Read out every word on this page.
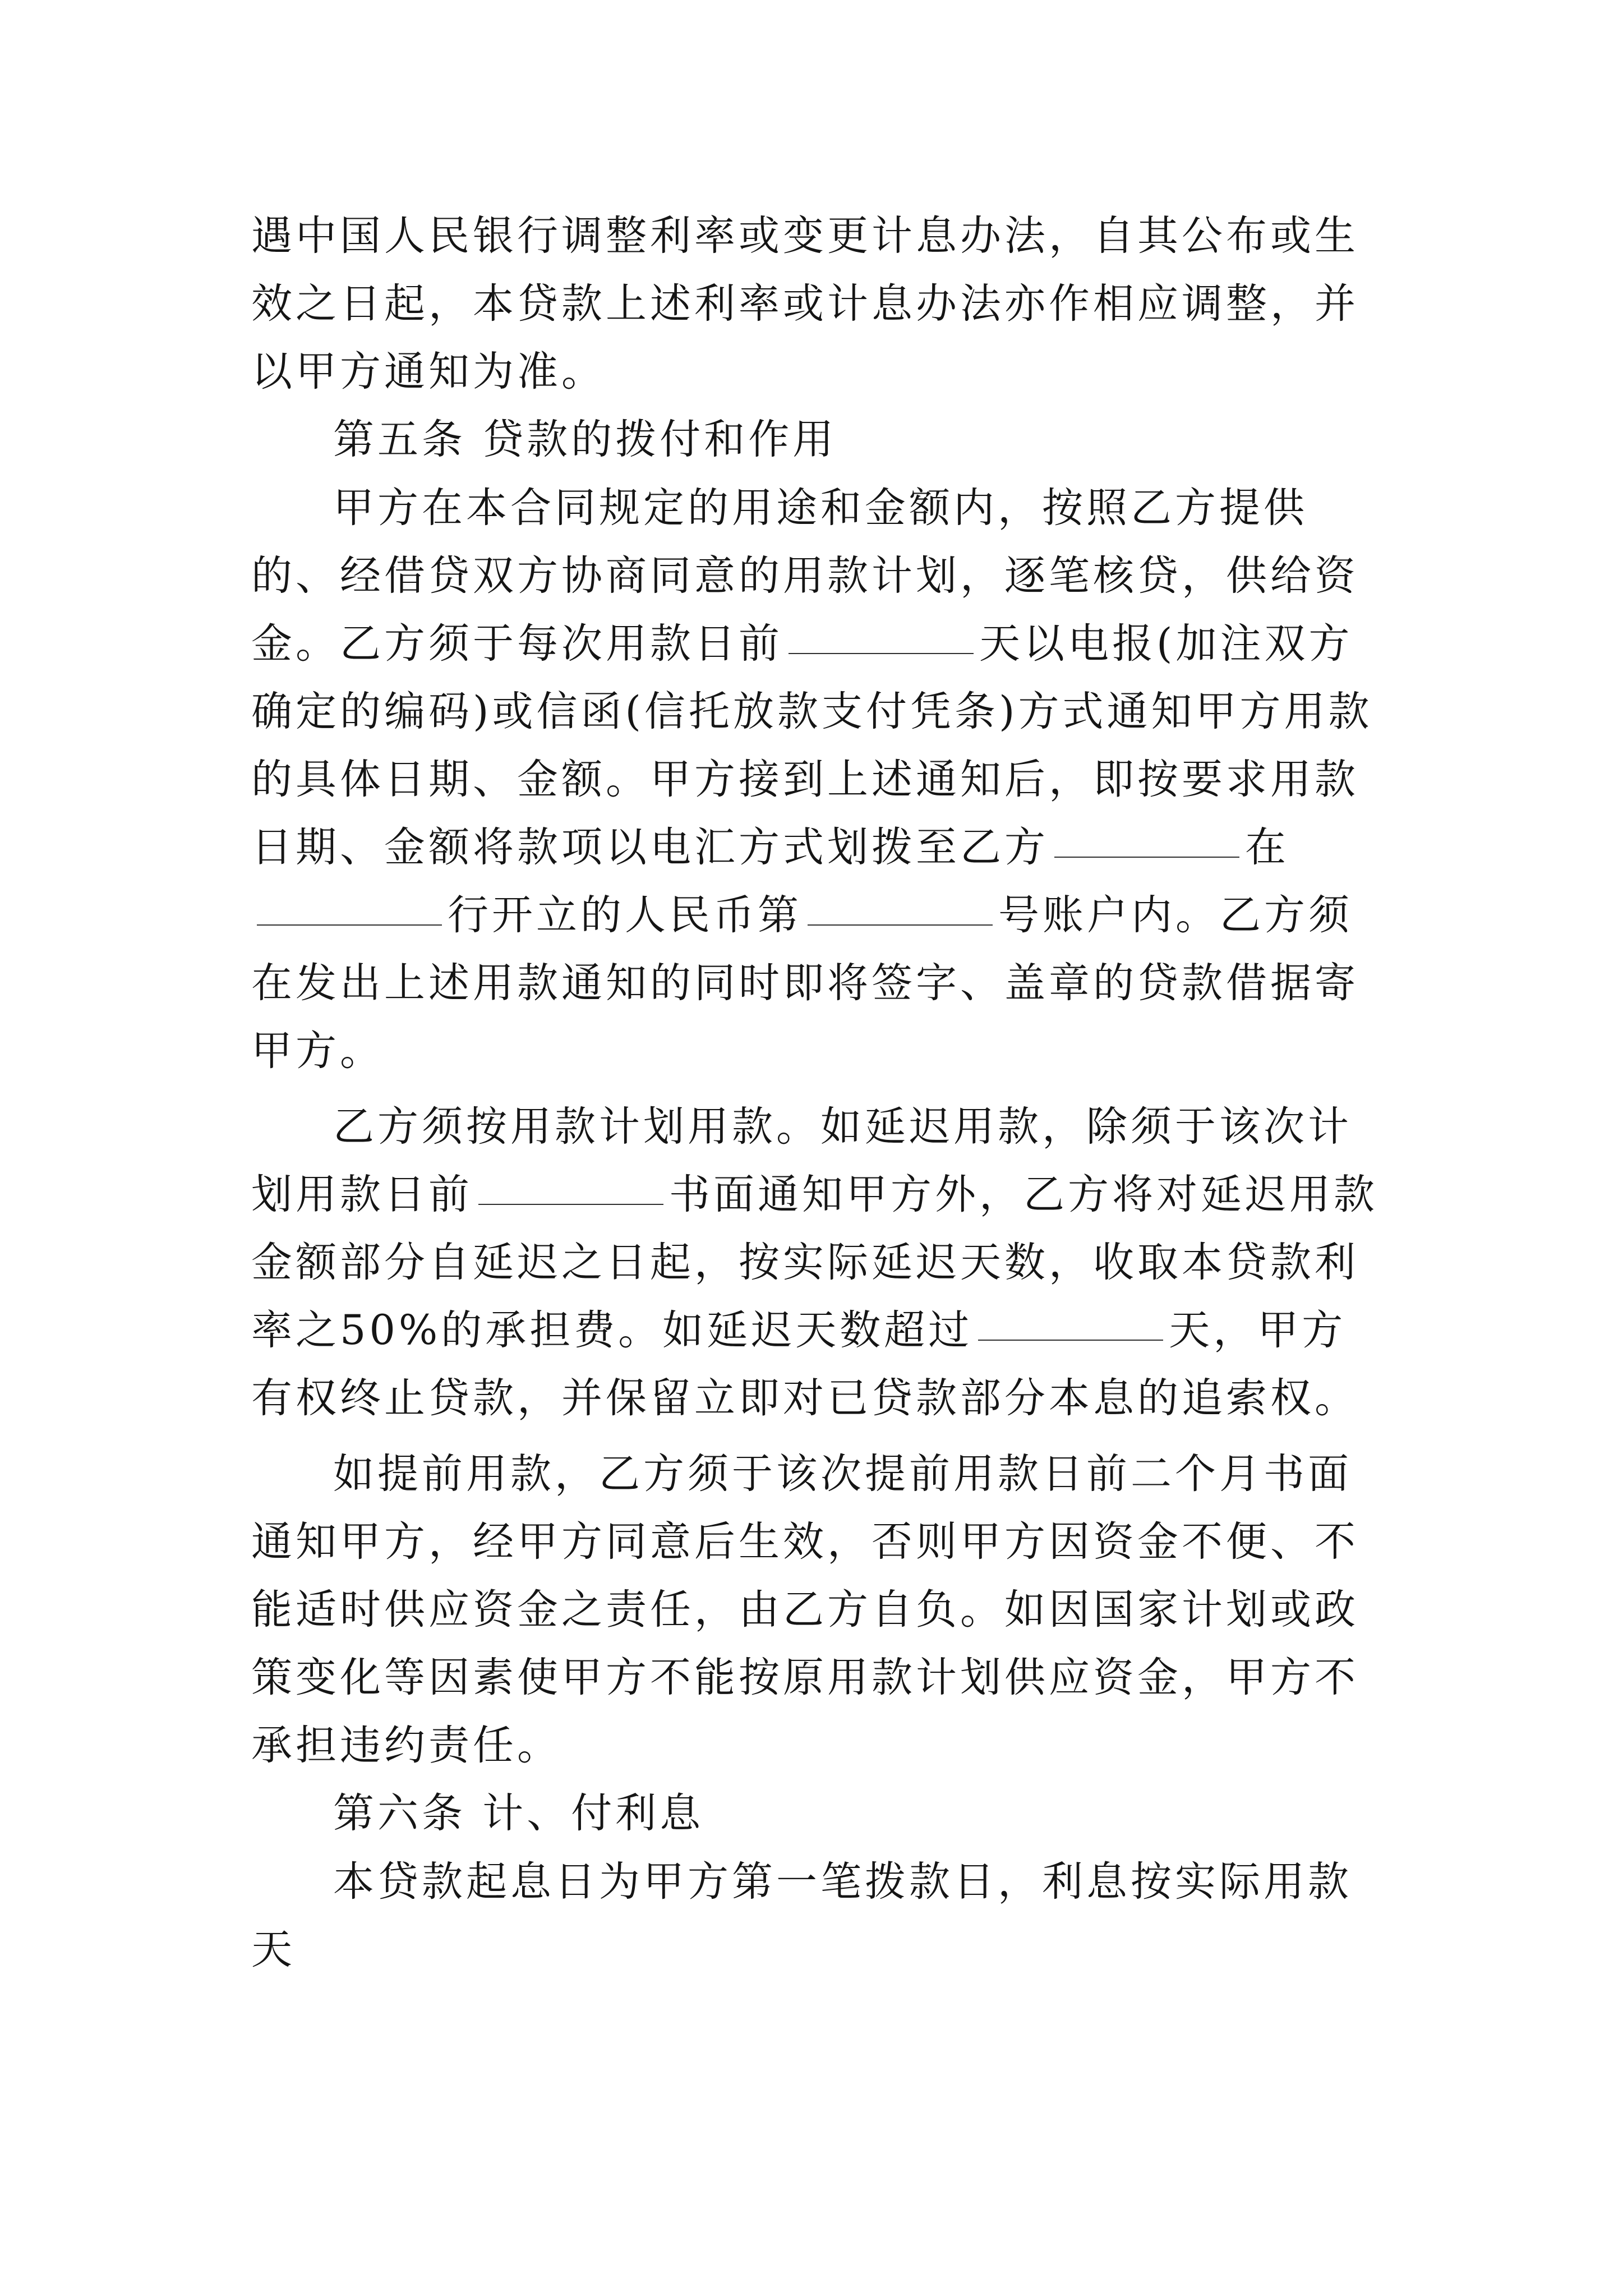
遇中国人民银行调整利率或变更计息办法，自其公布或生效之日起，本贷款上述利率或计息办法亦作相应调整，并以甲方通知为准。

第五条 贷款的拨付和作用

甲方在本合同规定的用途和金额内，按照乙方提供的、经借贷双方协商同意的用款计划，逐笔核贷，供给资金。乙方须于每次用款日前	天以电报(加注双方确定的编码)或信函(信托放款支付凭条)方式通知甲方用款的具体日期、金额。甲方接到上述通知后，即按要求用款日期、金额将款项以电汇方式划拨至乙方	在行开立的人民币第	号账户内。乙方须在发出上述用款通知的同时即将签字、盖章的贷款借据寄甲方。

乙方须按用款计划用款。如延迟用款，除须于该次计划用款日前	书面通知甲方外，乙方将对延迟用款金额部分自延迟之日起，按实际延迟天数，收取本贷款利率之50%的承担费。如延迟天数超过	天，甲方有权终止贷款，并保留立即对已贷款部分本息的追索权。

如提前用款，乙方须于该次提前用款日前二个月书面通知甲方，经甲方同意后生效，否则甲方因资金不便、不能适时供应资金之责任，由乙方自负。如因国家计划或政策变化等因素使甲方不能按原用款计划供应资金，甲方不承担违约责任。

第六条 计、付利息

本贷款起息日为甲方第一笔拨款日，利息按实际用款天
